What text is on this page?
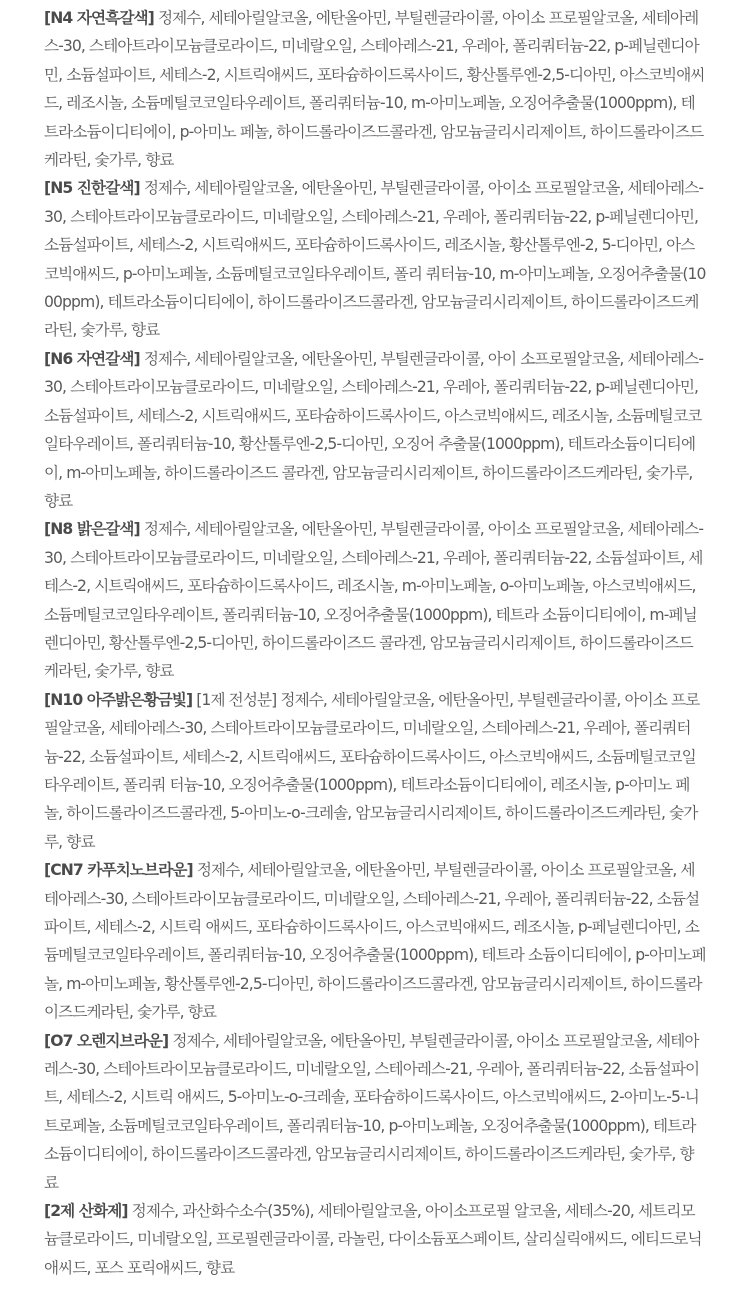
[N4 자연흑갈색] 정제수, 세테아릴알코올, 에탄올아민, 부틸렌글라이콜, 아이소 프로필알코올, 세테아레스-30, 스테아트라이모늄클로라이드, 미네랄오일, 스테아레스-21, 우레아, 폴리쿼터늄-22, p-페닐렌디아민, 소듐설파이트, 세테스-2, 시트릭애씨드, 포타슘하이드록사이드, 황산톨루엔-2,5-디아민, 아스코빅애씨드, 레조시놀, 소듐메틸코코일타우레이트, 폴리쿼터늄-10, m-아미노페놀, 오징어추출물(1000ppm), 테트라소듐이디티에이, p-아미노 페놀, 하이드롤라이즈드콜라겐, 암모늄글리시리제이트, 하이드롤라이즈드 케라틴, 숯가루, 향료

[N5 진한갈색] 정제수, 세테아릴알코올, 에탄올아민, 부틸렌글라이콜, 아이소 프로필알코올, 세테아레스-30, 스테아트라이모늄클로라이드, 미네랄오일, 스테아레스-21, 우레아, 폴리쿼터늄-22, p-페닐렌디아민, 소듐설파이트, 세테스-2, 시트릭애씨드, 포타슘하이드록사이드, 레조시놀, 황산톨루엔-2, 5-디아민, 아스코빅애씨드, p-아미노페놀, 소듐메틸코코일타우레이트, 폴리 쿼터늄-10, m-아미노페놀, 오징어추출물(1000ppm), 테트라소듐이디티에이, 하이드롤라이즈드콜라겐, 암모늄글리시리제이트, 하이드롤라이즈드케라틴, 숯가루, 향료

[N6 자연갈색] 정제수, 세테아릴알코올, 에탄올아민, 부틸렌글라이콜, 아이 소프로필알코올, 세테아레스-30, 스테아트라이모늄클로라이드, 미네랄오일, 스테아레스-21, 우레아, 폴리쿼터늄-22, p-페닐렌디아민, 소듐설파이트, 세테스-2, 시트릭애씨드, 포타슘하이드록사이드, 아스코빅애씨드, 레조시놀, 소듐메틸코코일타우레이트, 폴리쿼터늄-10, 황산톨루엔-2,5-디아민, 오징어 추출물(1000ppm), 테트라소듐이디티에이, m-아미노페놀, 하이드롤라이즈드 콜라겐, 암모늄글리시리제이트, 하이드롤라이즈드케라틴, 숯가루, 향료

[N8 밝은갈색] 정제수, 세테아릴알코올, 에탄올아민, 부틸렌글라이콜, 아이소 프로필알코올, 세테아레스-30, 스테아트라이모늄클로라이드, 미네랄오일, 스테아레스-21, 우레아, 폴리쿼터늄-22, 소듐설파이트, 세테스-2, 시트릭애씨드, 포타슘하이드록사이드, 레조시놀, m-아미노페놀, o-아미노페놀, 아스코빅애씨드, 소듐메틸코코일타우레이트, 폴리쿼터늄-10, 오징어추출물(1000ppm), 테트라 소듐이디티에이, m-페닐렌디아민, 황산톨루엔-2,5-디아민, 하이드롤라이즈드 콜라겐, 암모늄글리시리제이트, 하이드롤라이즈드케라틴, 숯가루, 향료

[N10 아주밝은황금빛] [1제 전성분] 정제수, 세테아릴알코올, 에탄올아민, 부틸렌글라이콜, 아이소 프로필알코올, 세테아레스-30, 스테아트라이모늄클로라이드, 미네랄오일, 스테아레스-21, 우레아, 폴리쿼터늄-22, 소듐설파이트, 세테스-2, 시트릭애씨드, 포타슘하이드록사이드, 아스코빅애씨드, 소듐메틸코코일타우레이트, 폴리쿼 터늄-10, 오징어추출물(1000ppm), 테트라소듐이디티에이, 레조시놀, p-아미노 페놀, 하이드롤라이즈드콜라겐, 5-아미노-o-크레솔, 암모늄글리시리제이트, 하이드롤라이즈드케라틴, 숯가루, 향료

[CN7 카푸치노브라운] 정제수, 세테아릴알코올, 에탄올아민, 부틸렌글라이콜, 아이소 프로필알코올, 세테아레스-30, 스테아트라이모늄클로라이드, 미네랄오일, 스테아레스-21, 우레아, 폴리쿼터늄-22, 소듐설파이트, 세테스-2, 시트릭 애씨드, 포타슘하이드록사이드, 아스코빅애씨드, 레조시놀, p-페닐렌디아민, 소듐메틸코코일타우레이트, 폴리쿼터늄-10, 오징어추출물(1000ppm), 테트라 소듐이디티에이, p-아미노페놀, m-아미노페놀, 황산톨루엔-2,5-디아민, 하이드롤라이즈드콜라겐, 암모늄글리시리제이트, 하이드롤라이즈드케라틴, 숯가루, 향료

[O7 오렌지브라운] 정제수, 세테아릴알코올, 에탄올아민, 부틸렌글라이콜, 아이소 프로필알코올, 세테아레스-30, 스테아트라이모늄클로라이드, 미네랄오일, 스테아레스-21, 우레아, 폴리쿼터늄-22, 소듐설파이트, 세테스-2, 시트릭 애씨드, 5-아미노-o-크레솔, 포타슘하이드록사이드, 아스코빅애씨드, 2-아미노-5-니트로페놀, 소듐메틸코코일타우레이트, 폴리쿼터늄-10, p-아미노페놀, 오징어추출물(1000ppm), 테트라소듐이디티에이, 하이드롤라이즈드콜라겐, 암모늄글리시리제이트, 하이드롤라이즈드케라틴, 숯가루, 향료

[2제 산화제] 정제수, 과산화수소수(35%), 세테아릴알코올, 아이소프로필 알코올, 세테스-20, 세트리모늄클로라이드, 미네랄오일, 프로필렌글라이콜, 라놀린, 다이소듐포스페이트, 살리실릭애씨드, 에티드로닉애씨드, 포스 포릭애씨드, 향료
